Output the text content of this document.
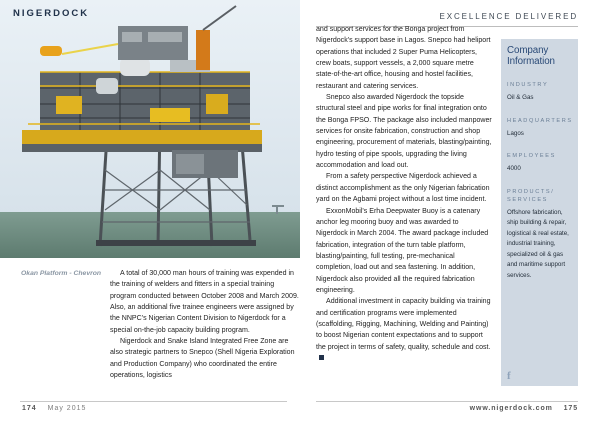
NIGERDOCK	EXCELLENCE DELIVERED
Okan Platform - Chevron	A total of 30,000 man hours of training was expended in the training of welders and fitters in a special training program conducted between October 2008 and March 2009. Also, an additional five trainee engineers were assigned by the NNPC's Nigerian Content Division to Nigerdock for a special on-the-job capacity building program.

Nigerdock and Snake Island Integrated Free Zone are also strategic partners to Snepco (Shell Nigeria Exploration and Production Company) who coordinated the entire operations, logistics

and support services for the Bonga project from Nigerdock's support base in Lagos. Snepco had heliport operations that included 2 Super Puma Helicopters, crew boats, support vessels, a 2,000 square metre state-of-the-art office, housing and hostel facilities, restaurant and catering services.

Snepco also awarded Nigerdock the topside structural steel and pipe works for final integration onto the Bonga FPSO. The package also included manpower services for onsite fabrication, construction and shop engineering, procurement of materials, blasting/painting, hydro testing of pipe spools, upgrading the living accommodation and load out.

From a safety perspective Nigerdock achieved a distinct accomplishment as the only Nigerian fabrication yard on the Agbami project without a lost time incident.

ExxonMobil's Erha Deepwater Buoy is a catenary anchor leg mooring buoy and was awarded to Nigerdock in March 2004. The award package included fabrication, integration of the turn table platform, blasting/painting, full testing, pre-mechanical completion, load out and sea fastening. In addition, Nigerdock also provided all the required fabrication engineering.

Additional investment in capacity building via training and certification programs were implemented (scaffolding, Rigging, Machining, Welding and Painting) to boost Nigerian content expectations and to support the project in terms of safety, quality, schedule and cost.

Company Information
INDUSTRY
Oil & Gas
HEADQUARTERS
Lagos
EMPLOYEES
4000
PRODUCTS/ SERVICES
Offshore fabrication, ship building & repair, logistical & real estate, industrial training, specialized oil & gas and maritime support services.
f
174 May 2015	www.nigerdock.com 175
